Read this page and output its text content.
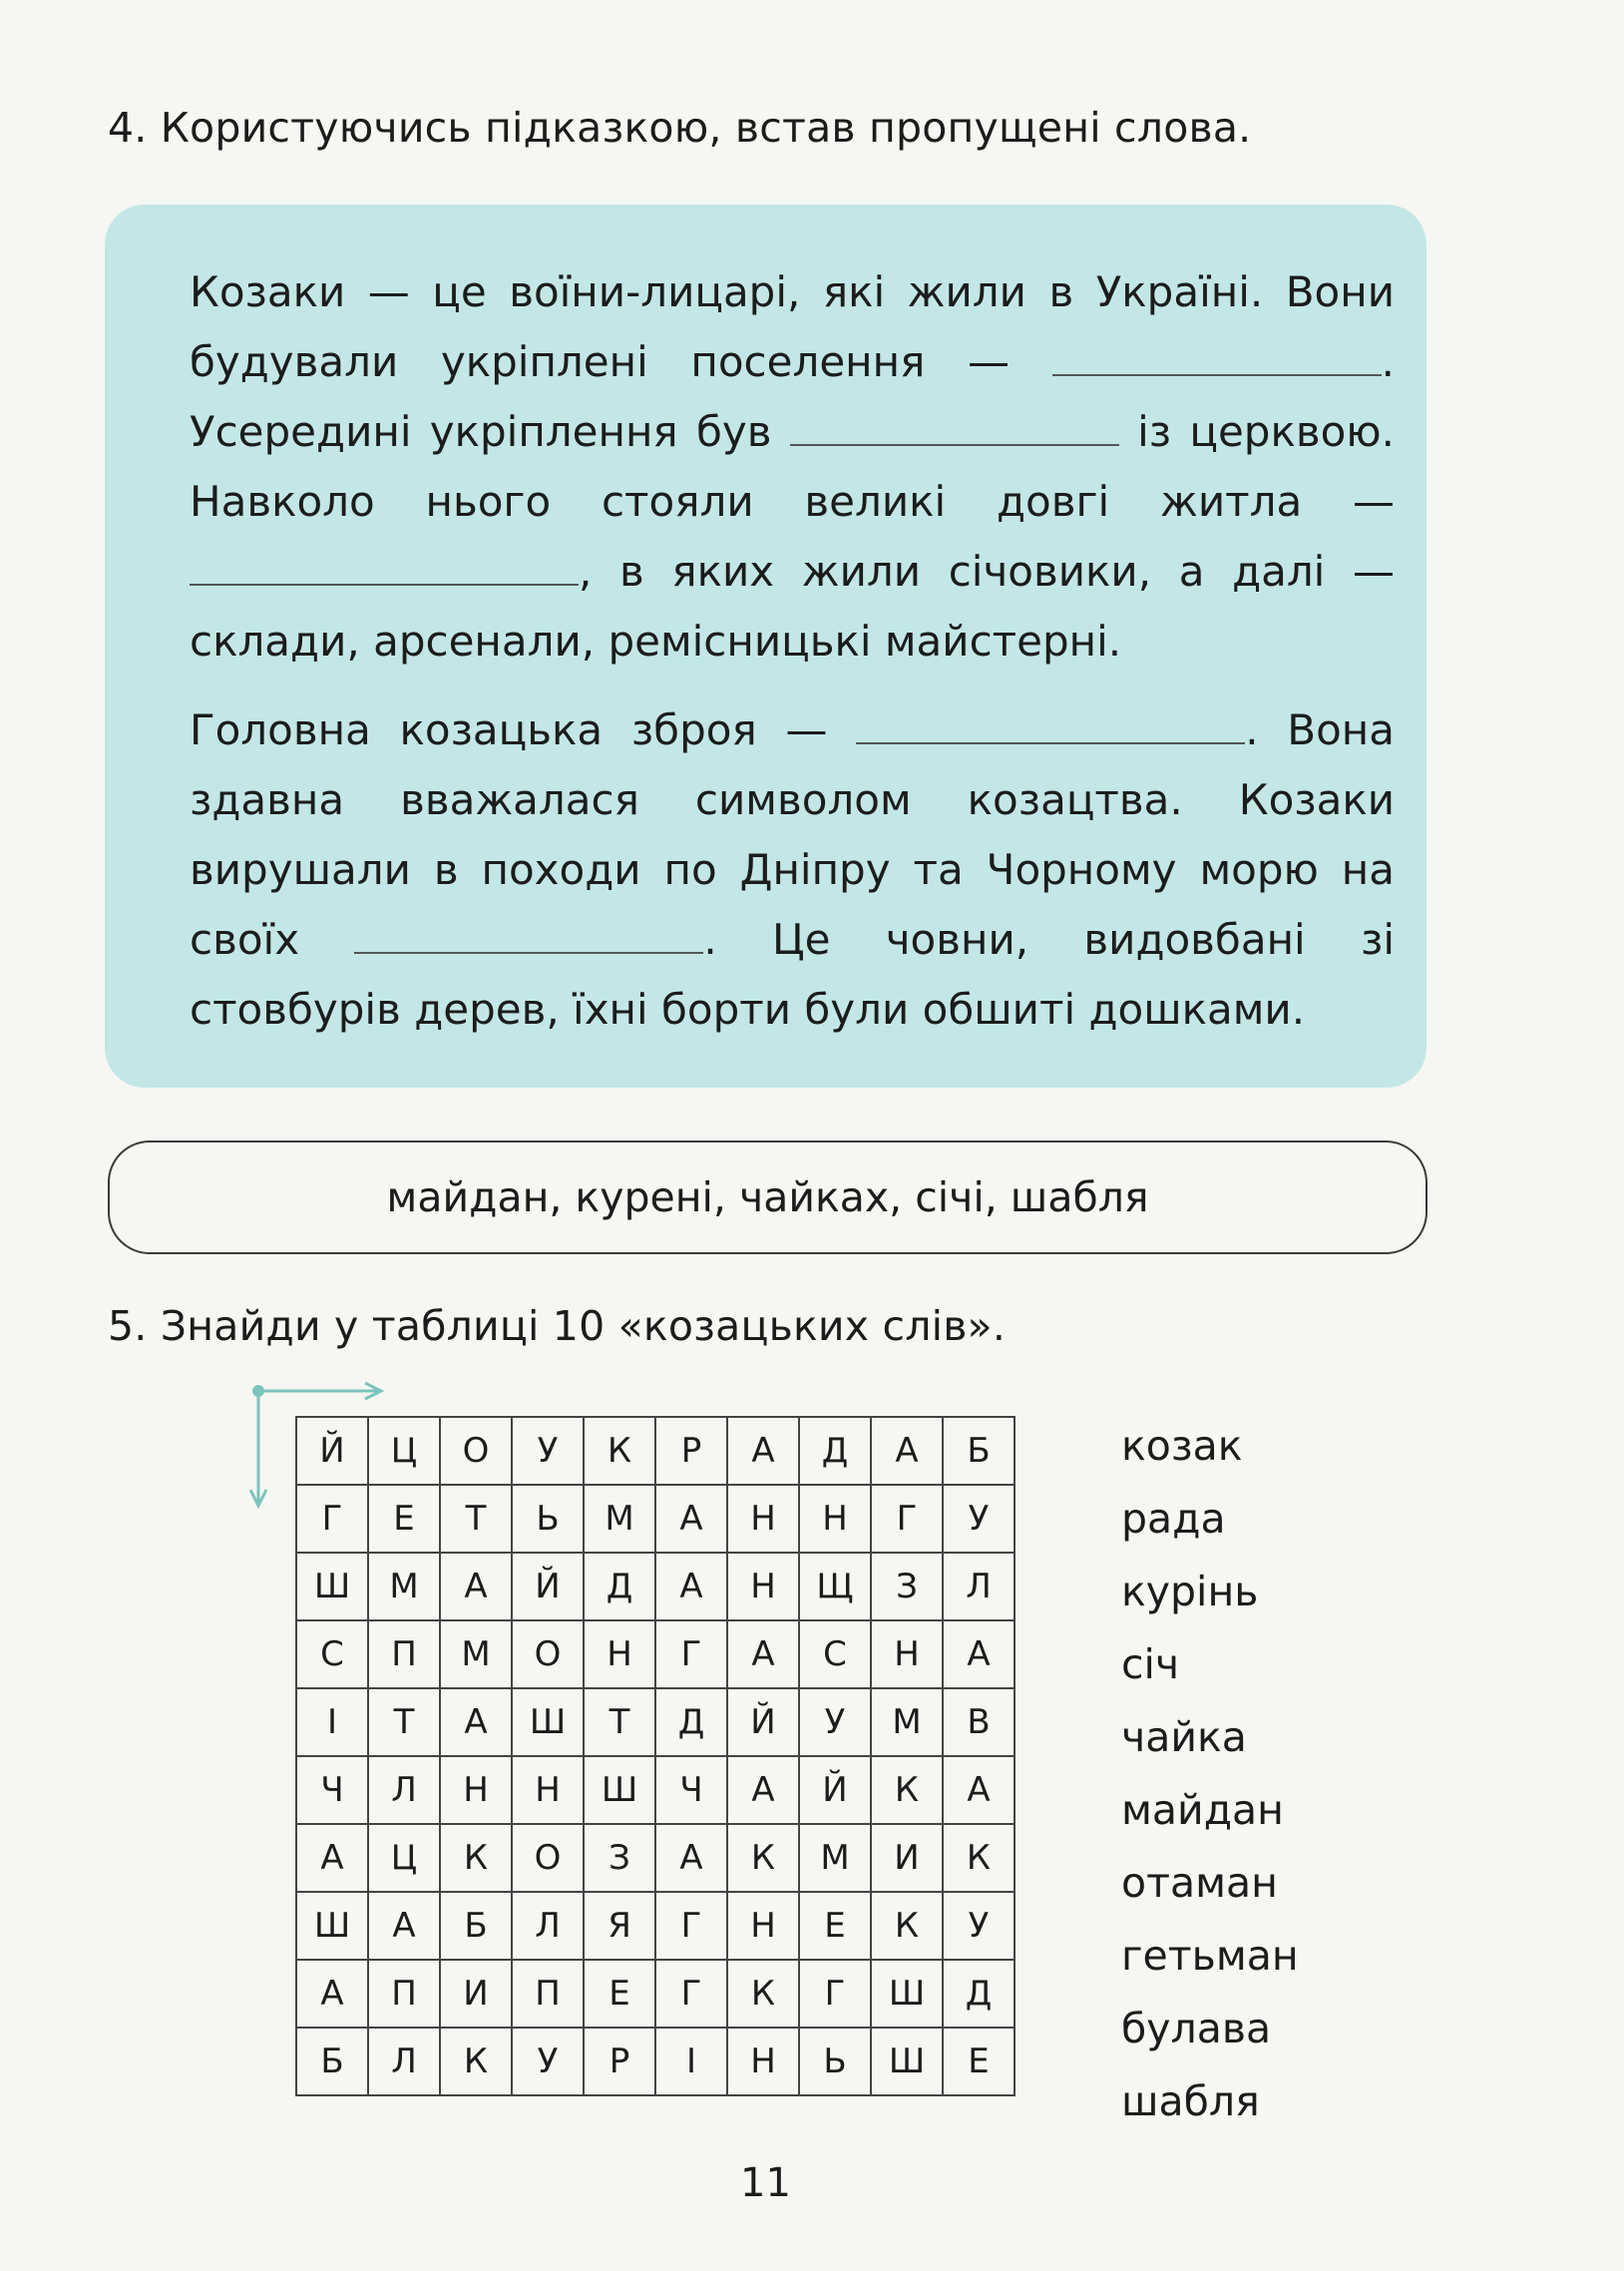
4. Користуючись підказкою, встав пропущені слова.

Козаки — це воїни-лицарі, які жили в Україні. Вони будували укріплені поселення —	. Усередині укріплення був	із церквою. Навколо нього стояли великі довгі житла — , в яких жили січовики, а далі — склади, арсенали, ремісницькі майстерні.

Головна козацька зброя —	. Вона здавна вважалася символом козацтва. Козаки вирушали в походи по Дніпру та Чорному морю на своїх	. Це човни, видовбані зі стовбурів дерев, їхні борти були обшиті дошками.

майдан, курені, чайках, січі, шабля
5. Знайди у таблиці 10 «козацьких слів».
Й	Ц	О	У	К	Р	А	Д	А	Б
Г	Е	Т	Ь	М	А	Н	Н	Г	У
Ш	М	А	Й	Д	А	Н	Щ	З	Л
С	П	М	О	Н	Г	А	С	Н	А
І	Т	А	Ш	Т	Д	Й	У	М	В
Ч	Л	Н	Н	Ш	Ч	А	Й	К	А
А	Ц	К	О	З	А	К	М	И	К
Ш	А	Б	Л	Я	Г	Н	Е	К	У
А	П	И	П	Е	Г	К	Г	Ш	Д
Б	Л	К	У	Р	І	Н	Ь	Ш	Е
козак
рада
курінь
січ
чайка
майдан
отаман
гетьман
булава
шабля
11
